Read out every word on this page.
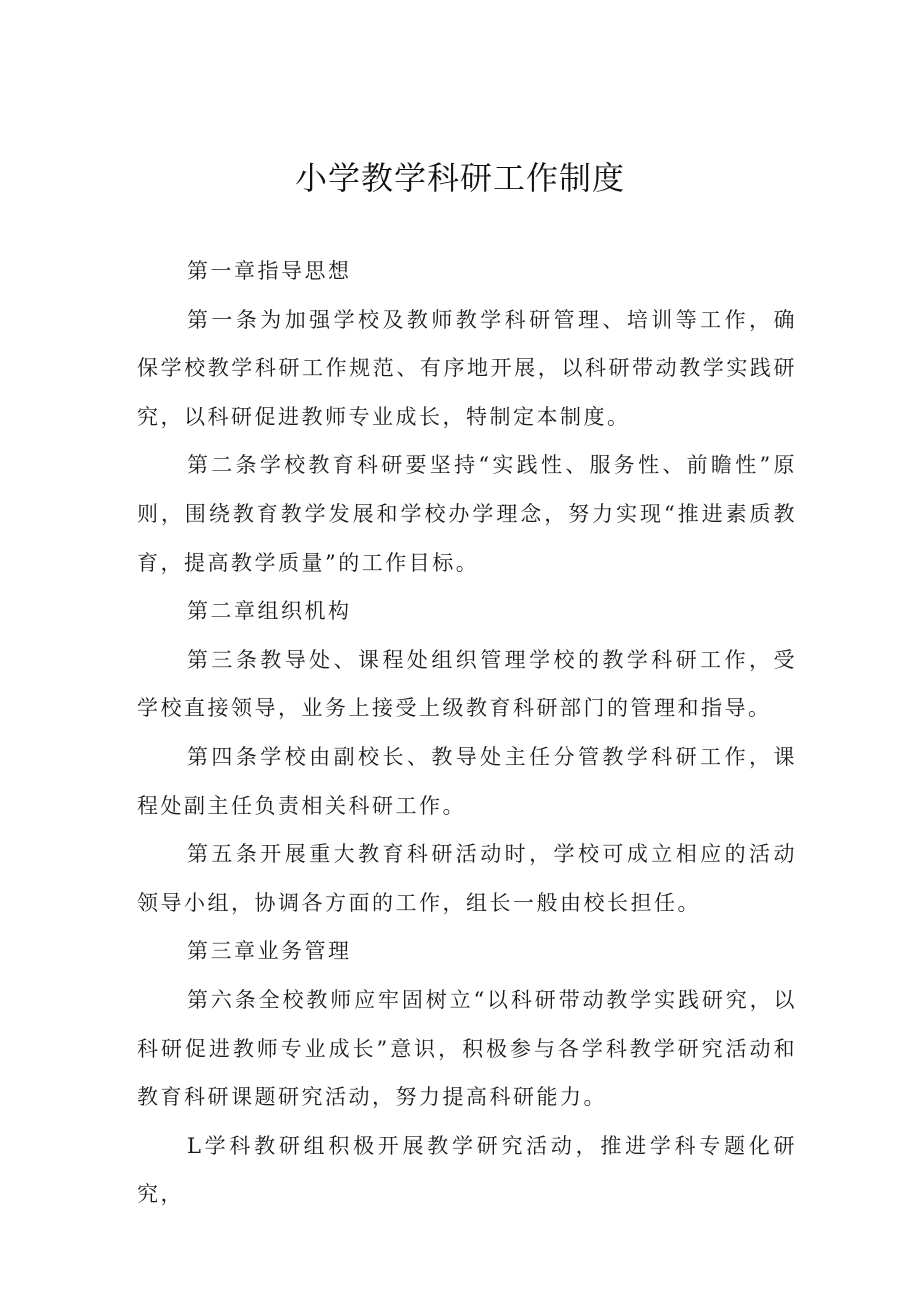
小学教学科研工作制度

第一章指导思想

第一条为加强学校及教师教学科研管理、培训等工作，确保学校教学科研工作规范、有序地开展，以科研带动教学实践研究，以科研促进教师专业成长，特制定本制度。

第二条学校教育科研要坚持“实践性、服务性、前瞻性”原则，围绕教育教学发展和学校办学理念，努力实现“推进素质教育，提高教学质量”的工作目标。

第二章组织机构

第三条教导处、课程处组织管理学校的教学科研工作，受学校直接领导，业务上接受上级教育科研部门的管理和指导。

第四条学校由副校长、教导处主任分管教学科研工作，课程处副主任负责相关科研工作。

第五条开展重大教育科研活动时，学校可成立相应的活动领导小组，协调各方面的工作，组长一般由校长担任。

第三章业务管理

第六条全校教师应牢固树立“以科研带动教学实践研究，以科研促进教师专业成长”意识，积极参与各学科教学研究活动和教育科研课题研究活动，努力提高科研能力。

L学科教研组积极开展教学研究活动，推进学科专题化研究，
